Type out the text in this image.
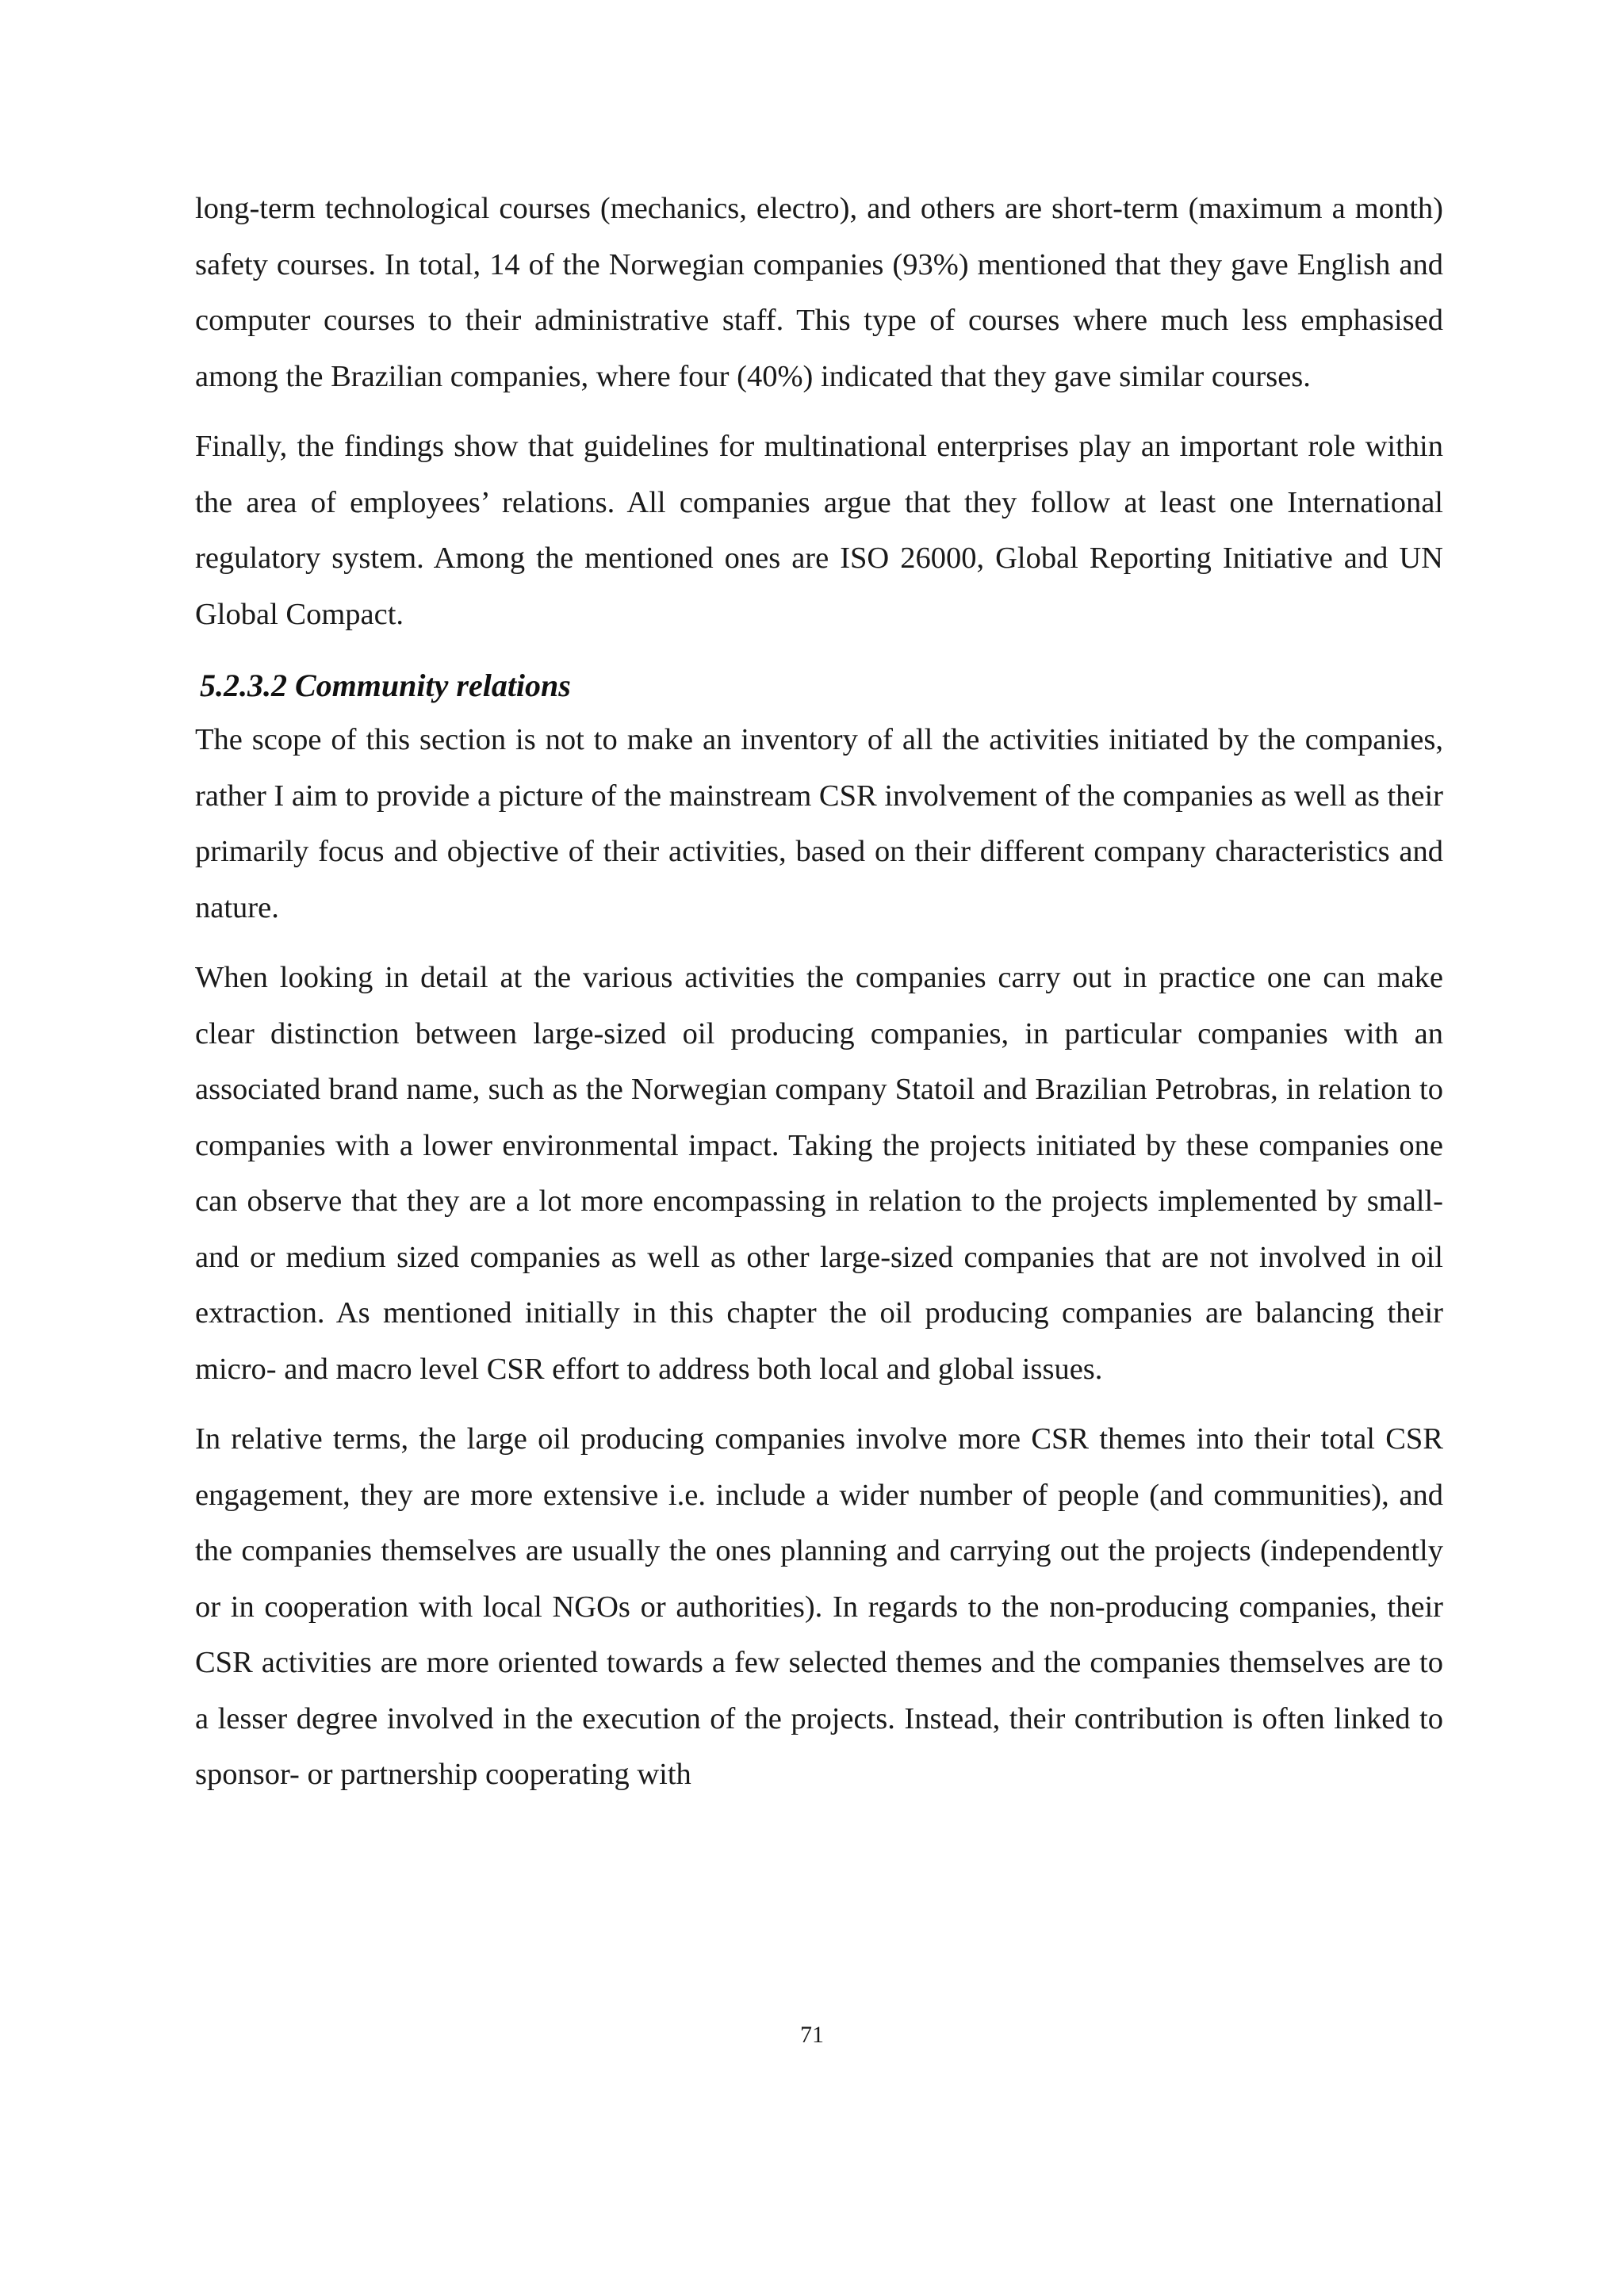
long-term technological courses (mechanics, electro), and others are short-term (maximum a month) safety courses. In total, 14 of the Norwegian companies (93%) mentioned that they gave English and computer courses to their administrative staff. This type of courses where much less emphasised among the Brazilian companies, where four (40%) indicated that they gave similar courses.

Finally, the findings show that guidelines for multinational enterprises play an important role within the area of employees’ relations. All companies argue that they follow at least one International regulatory system. Among the mentioned ones are ISO 26000, Global Reporting Initiative and UN Global Compact.

5.2.3.2 Community relations

The scope of this section is not to make an inventory of all the activities initiated by the companies, rather I aim to provide a picture of the mainstream CSR involvement of the companies as well as their primarily focus and objective of their activities, based on their different company characteristics and nature.

When looking in detail at the various activities the companies carry out in practice one can make clear distinction between large-sized oil producing companies, in particular companies with an associated brand name, such as the Norwegian company Statoil and Brazilian Petrobras, in relation to companies with a lower environmental impact. Taking the projects initiated by these companies one can observe that they are a lot more encompassing in relation to the projects implemented by small- and or medium sized companies as well as other large-sized companies that are not involved in oil extraction. As mentioned initially in this chapter the oil producing companies are balancing their micro- and macro level CSR effort to address both local and global issues.

In relative terms, the large oil producing companies involve more CSR themes into their total CSR engagement, they are more extensive i.e. include a wider number of people (and communities), and the companies themselves are usually the ones planning and carrying out the projects (independently or in cooperation with local NGOs or authorities). In regards to the non-producing companies, their CSR activities are more oriented towards a few selected themes and the companies themselves are to a lesser degree involved in the execution of the projects. Instead, their contribution is often linked to sponsor- or partnership cooperating with

71
